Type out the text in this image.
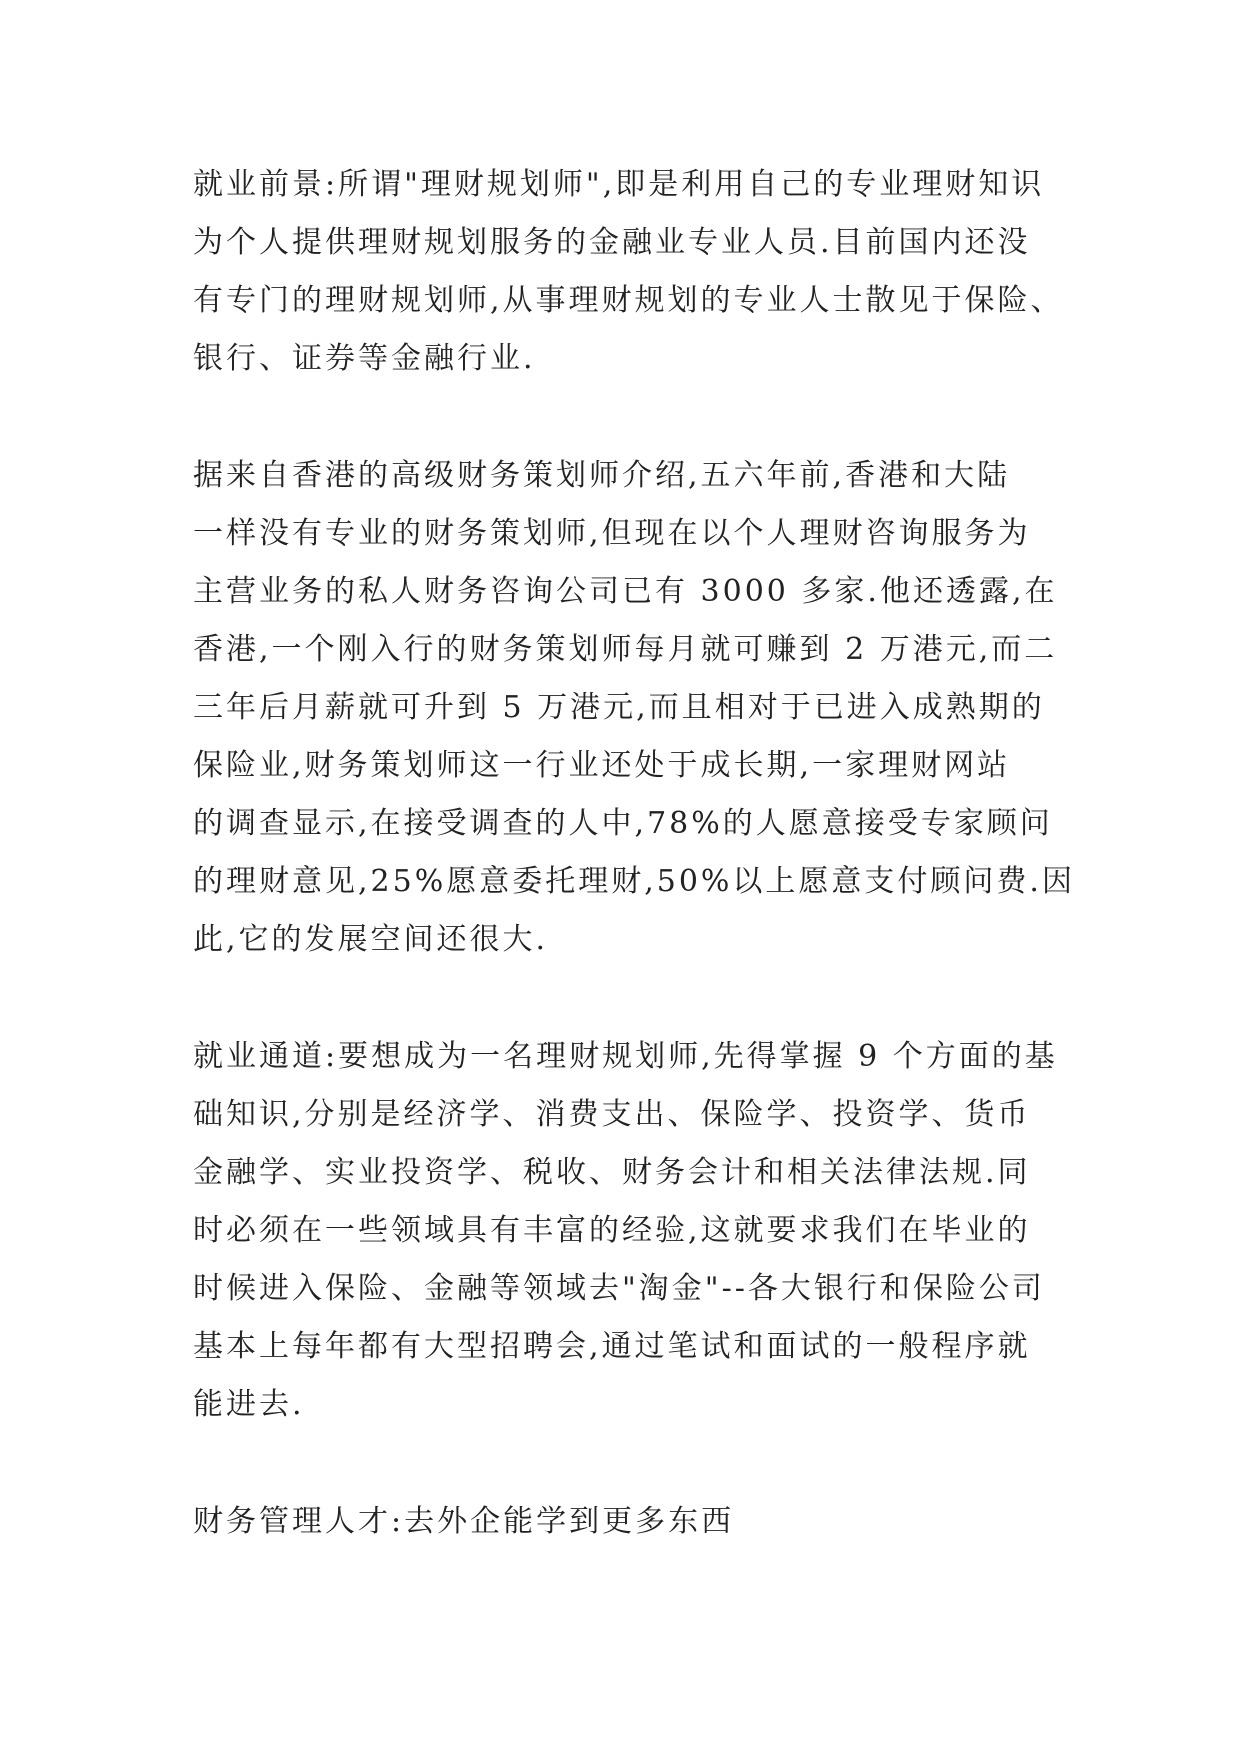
就业前景:所谓"理财规划师",即是利用自己的专业理财知识
为个人提供理财规划服务的金融业专业人员.目前国内还没
有专门的理财规划师,从事理财规划的专业人士散见于保险、
银行、证券等金融行业.
据来自香港的高级财务策划师介绍,五六年前,香港和大陆
一样没有专业的财务策划师,但现在以个人理财咨询服务为
主营业务的私人财务咨询公司已有 3000 多家.他还透露,在
香港,一个刚入行的财务策划师每月就可赚到 2 万港元,而二
三年后月薪就可升到 5 万港元,而且相对于已进入成熟期的
保险业,财务策划师这一行业还处于成长期,一家理财网站
的调查显示,在接受调查的人中,78%的人愿意接受专家顾问
的理财意见,25%愿意委托理财,50%以上愿意支付顾问费.因
此,它的发展空间还很大.
就业通道:要想成为一名理财规划师,先得掌握 9 个方面的基
础知识,分别是经济学、消费支出、保险学、投资学、货币
金融学、实业投资学、税收、财务会计和相关法律法规.同
时必须在一些领域具有丰富的经验,这就要求我们在毕业的
时候进入保险、金融等领域去"淘金"--各大银行和保险公司
基本上每年都有大型招聘会,通过笔试和面试的一般程序就
能进去.
财务管理人才:去外企能学到更多东西
